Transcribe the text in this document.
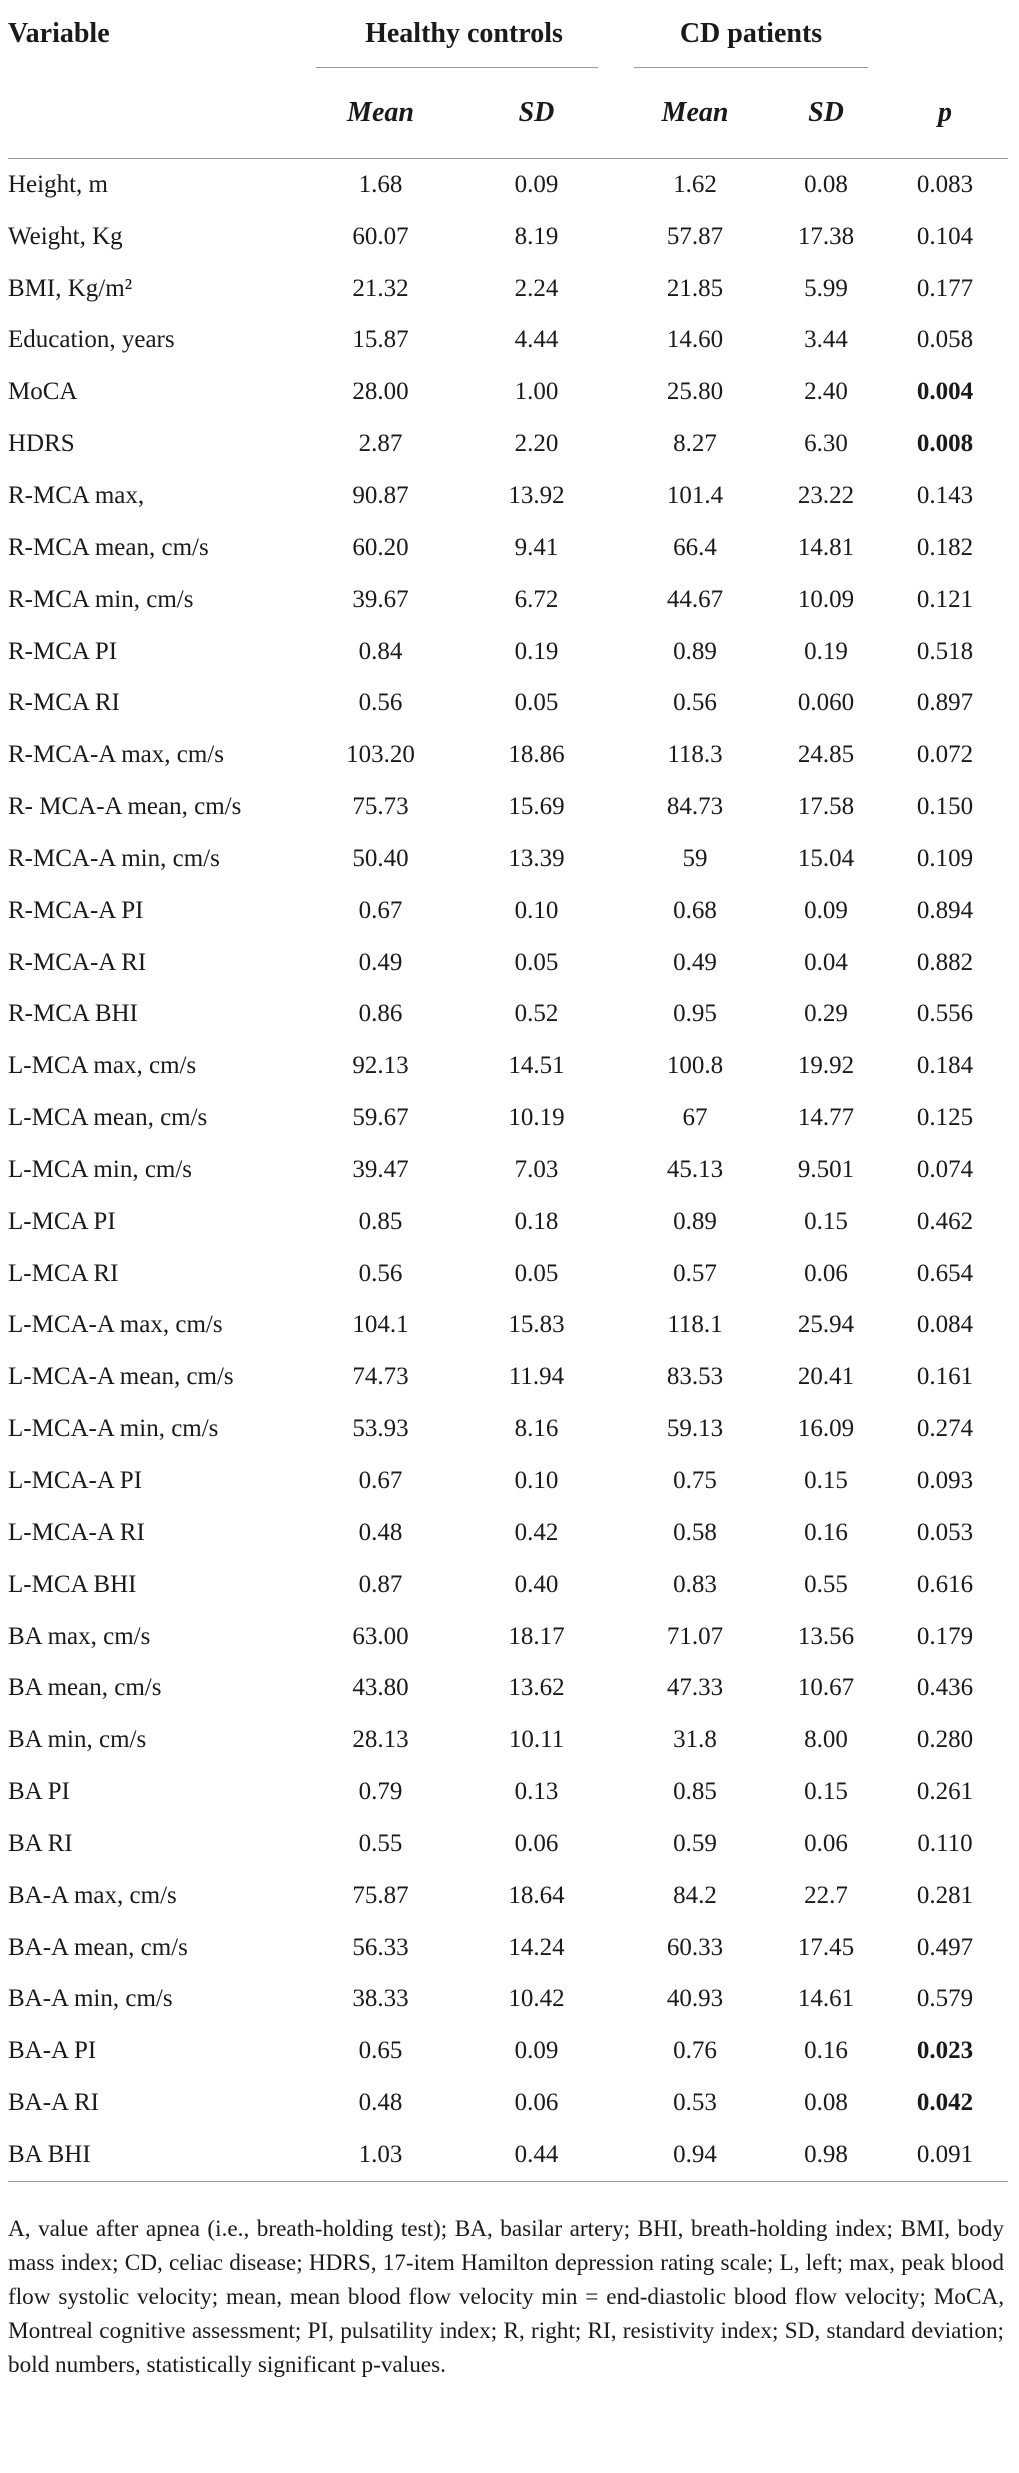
Variable	Healthy controls		CD patients		

	Mean	SD	Mean	SD	p
Height, m	1.68	0.09	1.62	0.08	0.083
Weight, Kg	60.07	8.19	57.87	17.38	0.104
BMI, Kg/m²	21.32	2.24	21.85	5.99	0.177
Education, years	15.87	4.44	14.60	3.44	0.058
MoCA	28.00	1.00	25.80	2.40	0.004
HDRS	2.87	2.20	8.27	6.30	0.008
R-MCA max,	90.87	13.92	101.4	23.22	0.143
R-MCA mean, cm/s	60.20	9.41	66.4	14.81	0.182
R-MCA min, cm/s	39.67	6.72	44.67	10.09	0.121
R-MCA PI	0.84	0.19	0.89	0.19	0.518
R-MCA RI	0.56	0.05	0.56	0.060	0.897
R-MCA-A max, cm/s	103.20	18.86	118.3	24.85	0.072
R- MCA-A mean, cm/s	75.73	15.69	84.73	17.58	0.150
R-MCA-A min, cm/s	50.40	13.39	59	15.04	0.109
R-MCA-A PI	0.67	0.10	0.68	0.09	0.894
R-MCA-A RI	0.49	0.05	0.49	0.04	0.882
R-MCA BHI	0.86	0.52	0.95	0.29	0.556
L-MCA max, cm/s	92.13	14.51	100.8	19.92	0.184
L-MCA mean, cm/s	59.67	10.19	67	14.77	0.125
L-MCA min, cm/s	39.47	7.03	45.13	9.501	0.074
L-MCA PI	0.85	0.18	0.89	0.15	0.462
L-MCA RI	0.56	0.05	0.57	0.06	0.654
L-MCA-A max, cm/s	104.1	15.83	118.1	25.94	0.084
L-MCA-A mean, cm/s	74.73	11.94	83.53	20.41	0.161
L-MCA-A min, cm/s	53.93	8.16	59.13	16.09	0.274
L-MCA-A PI	0.67	0.10	0.75	0.15	0.093
L-MCA-A RI	0.48	0.42	0.58	0.16	0.053
L-MCA BHI	0.87	0.40	0.83	0.55	0.616
BA max, cm/s	63.00	18.17	71.07	13.56	0.179
BA mean, cm/s	43.80	13.62	47.33	10.67	0.436
BA min, cm/s	28.13	10.11	31.8	8.00	0.280
BA PI	0.79	0.13	0.85	0.15	0.261
BA RI	0.55	0.06	0.59	0.06	0.110
BA-A max, cm/s	75.87	18.64	84.2	22.7	0.281
BA-A mean, cm/s	56.33	14.24	60.33	17.45	0.497
BA-A min, cm/s	38.33	10.42	40.93	14.61	0.579
BA-A PI	0.65	0.09	0.76	0.16	0.023
BA-A RI	0.48	0.06	0.53	0.08	0.042
BA BHI	1.03	0.44	0.94	0.98	0.091
A, value after apnea (i.e., breath-holding test); BA, basilar artery; BHI, breath-holding index; BMI, body mass index; CD, celiac disease; HDRS, 17-item Hamilton depression rating scale; L, left; max, peak blood flow systolic velocity; mean, mean blood flow velocity min = end-diastolic blood flow velocity; MoCA, Montreal cognitive assessment; PI, pulsatility index; R, right; RI, resistivity index; SD, standard deviation; bold numbers, statistically significant p-values.
